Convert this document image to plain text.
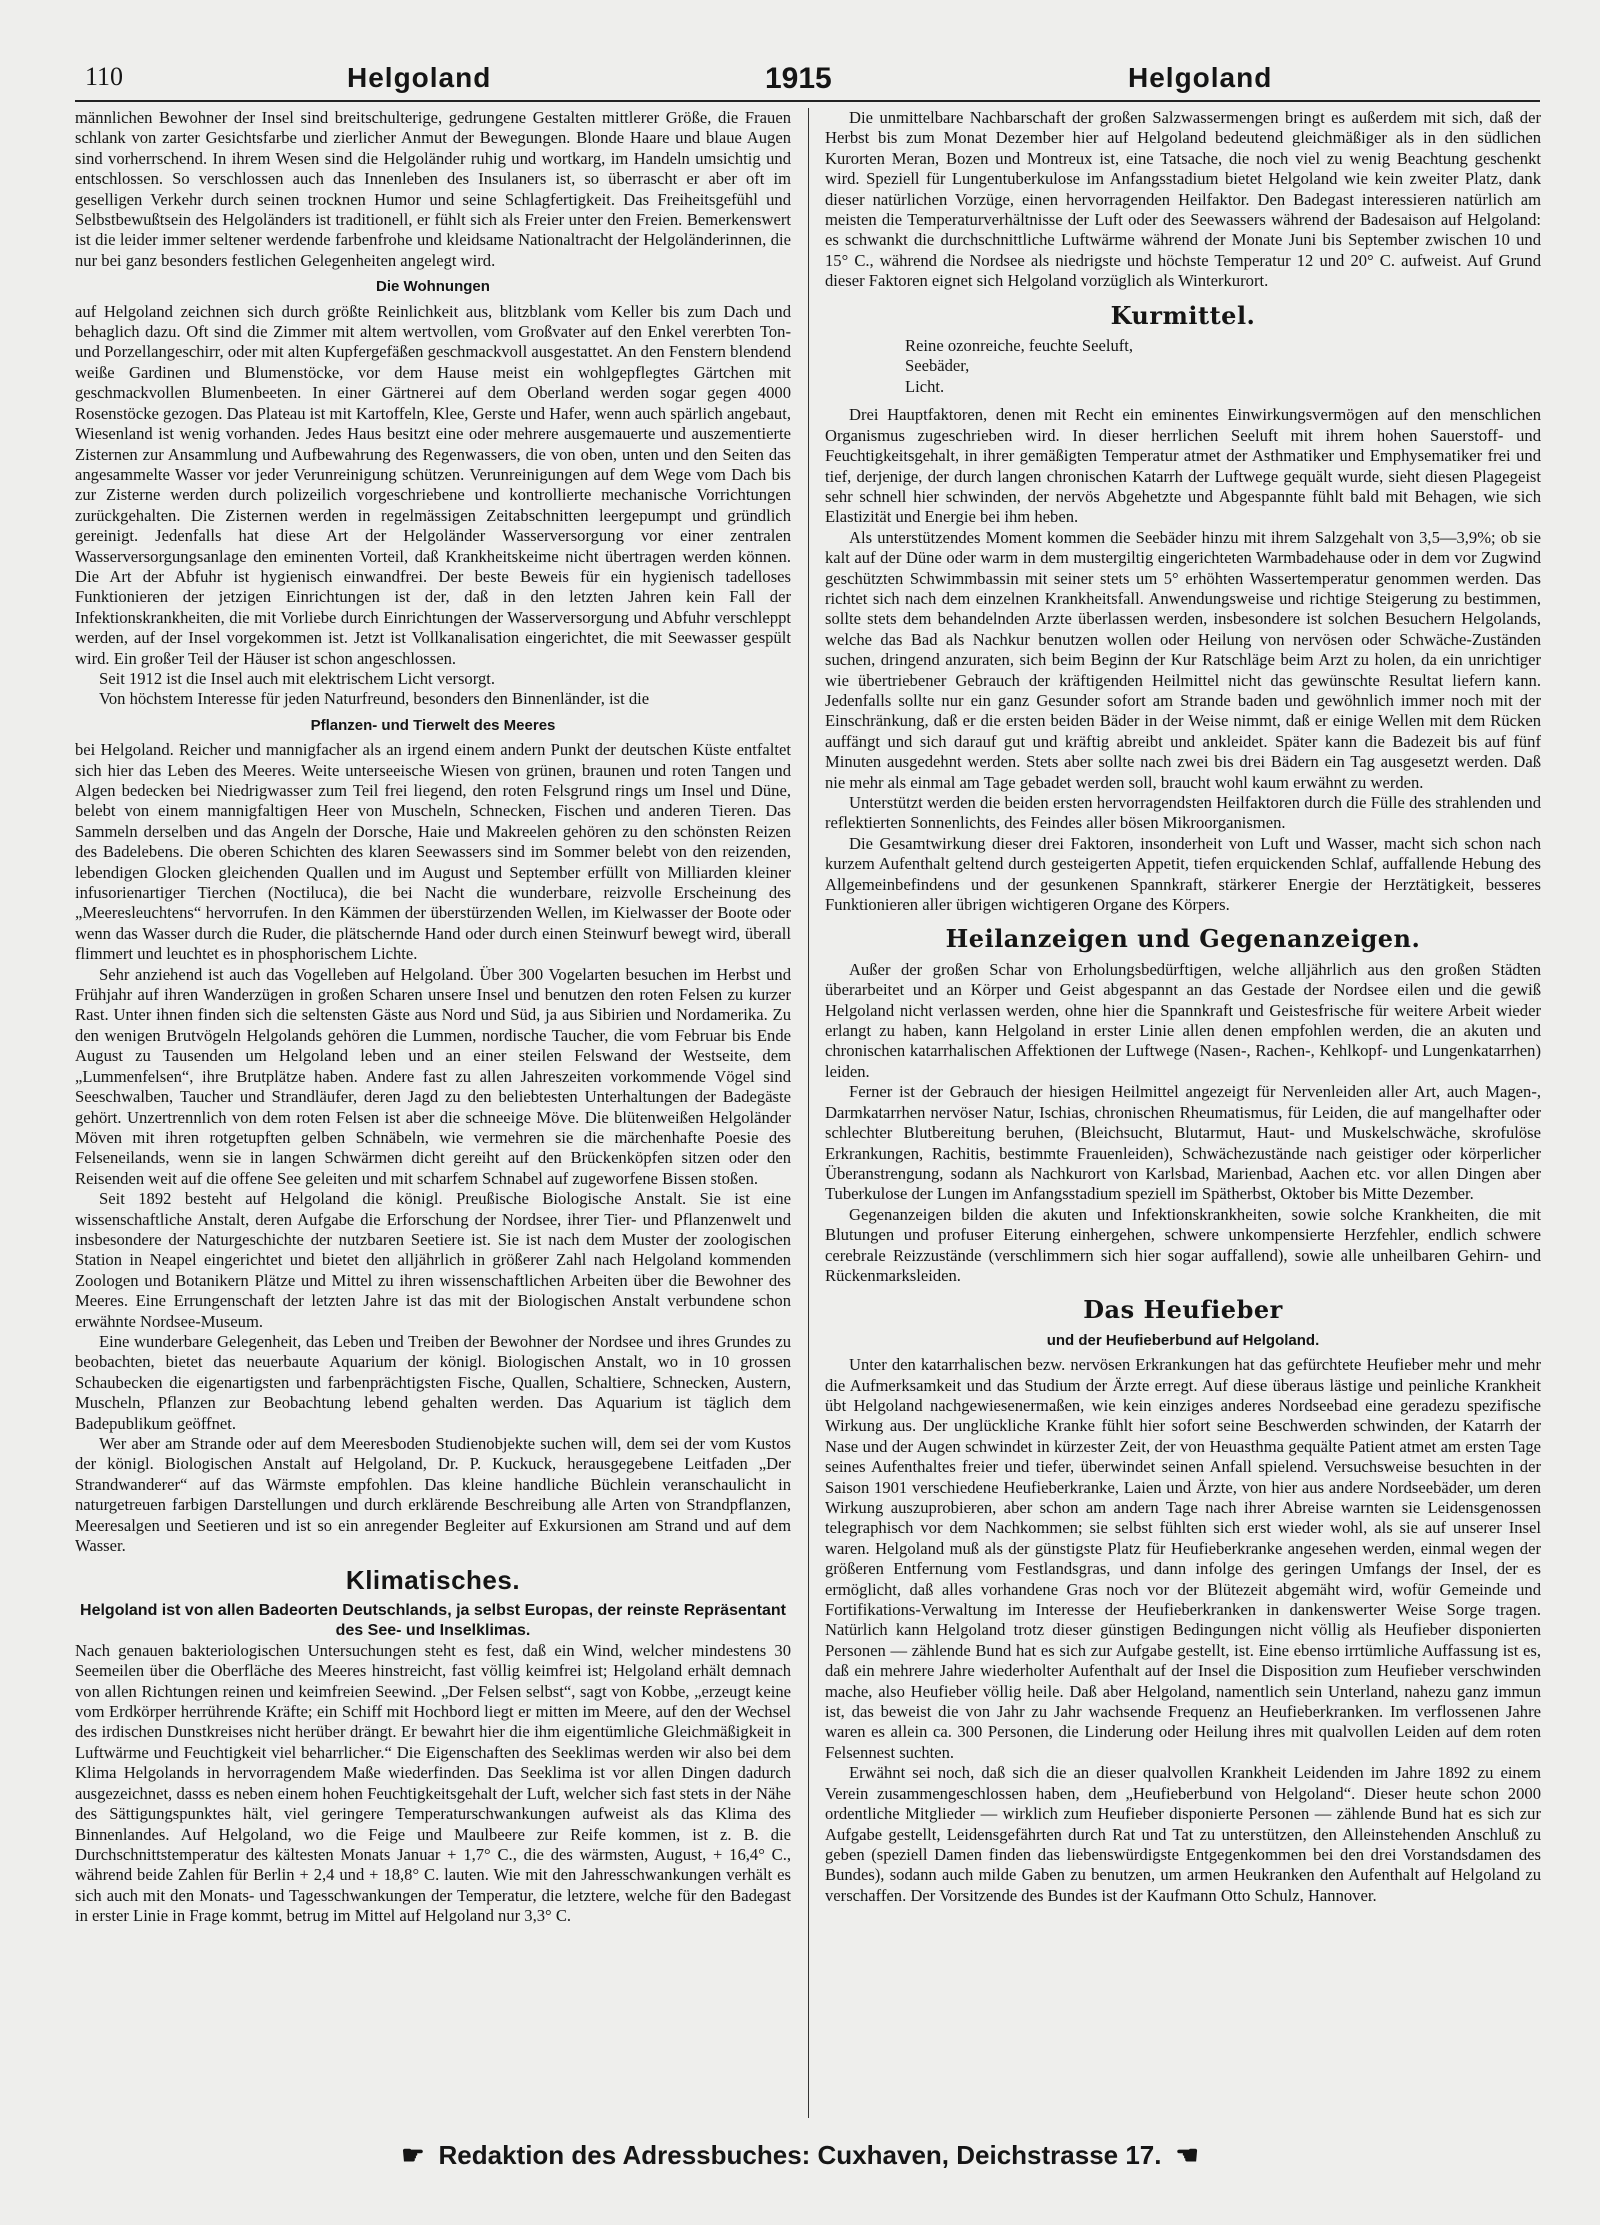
110	Helgoland	1915	Helgoland

männlichen Bewohner der Insel sind breitschulterige, gedrungene Gestalten mittlerer Größe, die Frauen schlank von zarter Gesichtsfarbe und zierlicher Anmut der Bewegungen. Blonde Haare und blaue Augen sind vorherrschend. In ihrem Wesen sind die Helgoländer ruhig und wortkarg, im Handeln umsichtig und entschlossen. So verschlossen auch das Innenleben des Insulaners ist, so überrascht er aber oft im geselligen Verkehr durch seinen trocknen Humor und seine Schlagfertigkeit. Das Freiheitsgefühl und Selbstbewußtsein des Helgoländers ist traditionell, er fühlt sich als Freier unter den Freien. Bemerkenswert ist die leider immer seltener werdende farbenfrohe und kleidsame Nationaltracht der Helgoländerinnen, die nur bei ganz besonders festlichen Gelegenheiten angelegt wird.

Die Wohnungen

auf Helgoland zeichnen sich durch größte Reinlichkeit aus, blitzblank vom Keller bis zum Dach und behaglich dazu. Oft sind die Zimmer mit altem wertvollen, vom Großvater auf den Enkel vererbten Ton- und Porzellangeschirr, oder mit alten Kupfergefäßen geschmackvoll ausgestattet. An den Fenstern blendend weiße Gardinen und Blumenstöcke, vor dem Hause meist ein wohlgepflegtes Gärtchen mit geschmackvollen Blumenbeeten. In einer Gärtnerei auf dem Oberland werden sogar gegen 4000 Rosenstöcke gezogen. Das Plateau ist mit Kartoffeln, Klee, Gerste und Hafer, wenn auch spärlich angebaut, Wiesenland ist wenig vorhanden. Jedes Haus besitzt eine oder mehrere ausgemauerte und auszementierte Zisternen zur Ansammlung und Aufbewahrung des Regenwassers, die von oben, unten und den Seiten das angesammelte Wasser vor jeder Verunreinigung schützen. Verunreinigungen auf dem Wege vom Dach bis zur Zisterne werden durch polizeilich vorgeschriebene und kontrollierte mechanische Vorrichtungen zurückgehalten. Die Zisternen werden in regelmässigen Zeitabschnitten leergepumpt und gründlich gereinigt. Jedenfalls hat diese Art der Helgoländer Wasserversorgung vor einer zentralen Wasserversorgungsanlage den eminenten Vorteil, daß Krankheitskeime nicht übertragen werden können. Die Art der Abfuhr ist hygienisch einwandfrei. Der beste Beweis für ein hygienisch tadelloses Funktionieren der jetzigen Einrichtungen ist der, daß in den letzten Jahren kein Fall der Infektionskrankheiten, die mit Vorliebe durch Einrichtungen der Wasserversorgung und Abfuhr verschleppt werden, auf der Insel vorgekommen ist. Jetzt ist Vollkanalisation eingerichtet, die mit Seewasser gespült wird. Ein großer Teil der Häuser ist schon angeschlossen.

Seit 1912 ist die Insel auch mit elektrischem Licht versorgt.

Von höchstem Interesse für jeden Naturfreund, besonders den Binnenländer, ist die

Pflanzen- und Tierwelt des Meeres

bei Helgoland. Reicher und mannigfacher als an irgend einem andern Punkt der deutschen Küste entfaltet sich hier das Leben des Meeres. Weite unterseeische Wiesen von grünen, braunen und roten Tangen und Algen bedecken bei Niedrigwasser zum Teil frei liegend, den roten Felsgrund rings um Insel und Düne, belebt von einem mannigfaltigen Heer von Muscheln, Schnecken, Fischen und anderen Tieren. Das Sammeln derselben und das Angeln der Dorsche, Haie und Makreelen gehören zu den schönsten Reizen des Badelebens. Die oberen Schichten des klaren Seewassers sind im Sommer belebt von den reizenden, lebendigen Glocken gleichenden Quallen und im August und September erfüllt von Milliarden kleiner infusorienartiger Tierchen (Noctiluca), die bei Nacht die wunderbare, reizvolle Erscheinung des „Meeresleuchtens“ hervorrufen. In den Kämmen der überstürzenden Wellen, im Kielwasser der Boote oder wenn das Wasser durch die Ruder, die plätschernde Hand oder durch einen Steinwurf bewegt wird, überall flimmert und leuchtet es in phosphorischem Lichte.

Sehr anziehend ist auch das Vogelleben auf Helgoland. Über 300 Vogelarten besuchen im Herbst und Frühjahr auf ihren Wanderzügen in großen Scharen unsere Insel und benutzen den roten Felsen zu kurzer Rast. Unter ihnen finden sich die seltensten Gäste aus Nord und Süd, ja aus Sibirien und Nordamerika. Zu den wenigen Brutvögeln Helgolands gehören die Lummen, nordische Taucher, die vom Februar bis Ende August zu Tausenden um Helgoland leben und an einer steilen Felswand der Westseite, dem „Lummenfelsen“, ihre Brutplätze haben. Andere fast zu allen Jahreszeiten vorkommende Vögel sind Seeschwalben, Taucher und Strandläufer, deren Jagd zu den beliebtesten Unterhaltungen der Badegäste gehört. Unzertrennlich von dem roten Felsen ist aber die schneeige Möve. Die blütenweißen Helgoländer Möven mit ihren rotgetupften gelben Schnäbeln, wie vermehren sie die märchenhafte Poesie des Felseneilands, wenn sie in langen Schwärmen dicht gereiht auf den Brückenköpfen sitzen oder den Reisenden weit auf die offene See geleiten und mit scharfem Schnabel auf zugeworfene Bissen stoßen.

Seit 1892 besteht auf Helgoland die königl. Preußische Biologische Anstalt. Sie ist eine wissenschaftliche Anstalt, deren Aufgabe die Erforschung der Nordsee, ihrer Tier- und Pflanzenwelt und insbesondere der Naturgeschichte der nutzbaren Seetiere ist. Sie ist nach dem Muster der zoologischen Station in Neapel eingerichtet und bietet den alljährlich in größerer Zahl nach Helgoland kommenden Zoologen und Botanikern Plätze und Mittel zu ihren wissenschaftlichen Arbeiten über die Bewohner des Meeres. Eine Errungenschaft der letzten Jahre ist das mit der Biologischen Anstalt verbundene schon erwähnte Nordsee-Museum.

Eine wunderbare Gelegenheit, das Leben und Treiben der Bewohner der Nordsee und ihres Grundes zu beobachten, bietet das neuerbaute Aquarium der königl. Biologischen Anstalt, wo in 10 grossen Schaubecken die eigenartigsten und farbenprächtigsten Fische, Quallen, Schaltiere, Schnecken, Austern, Muscheln, Pflanzen zur Beobachtung lebend gehalten werden. Das Aquarium ist täglich dem Badepublikum geöffnet.

Wer aber am Strande oder auf dem Meeresboden Studienobjekte suchen will, dem sei der vom Kustos der königl. Biologischen Anstalt auf Helgoland, Dr. P. Kuckuck, herausgegebene Leitfaden „Der Strandwanderer“ auf das Wärmste empfohlen. Das kleine handliche Büchlein veranschaulicht in naturgetreuen farbigen Darstellungen und durch erklärende Beschreibung alle Arten von Strandpflanzen, Meeresalgen und Seetieren und ist so ein anregender Begleiter auf Exkursionen am Strand und auf dem Wasser.

Klimatisches.
Helgoland ist von allen Badeorten Deutschlands, ja selbst Europas, der reinste Repräsentant des See- und Inselklimas.

Nach genauen bakteriologischen Untersuchungen steht es fest, daß ein Wind, welcher mindestens 30 Seemeilen über die Oberfläche des Meeres hinstreicht, fast völlig keimfrei ist; Helgoland erhält demnach von allen Richtungen reinen und keimfreien Seewind. „Der Felsen selbst“, sagt von Kobbe, „erzeugt keine vom Erdkörper herrührende Kräfte; ein Schiff mit Hochbord liegt er mitten im Meere, auf den der Wechsel des irdischen Dunstkreises nicht herüber drängt. Er bewahrt hier die ihm eigentümliche Gleichmäßigkeit in Luftwärme und Feuchtigkeit viel beharrlicher.“ Die Eigenschaften des Seeklimas werden wir also bei dem Klima Helgolands in hervorragendem Maße wiederfinden. Das Seeklima ist vor allen Dingen dadurch ausgezeichnet, dasss es neben einem hohen Feuchtigkeitsgehalt der Luft, welcher sich fast stets in der Nähe des Sättigungspunktes hält, viel geringere Temperaturschwankungen aufweist als das Klima des Binnenlandes. Auf Helgoland, wo die Feige und Maulbeere zur Reife kommen, ist z. B. die Durchschnittstemperatur des kältesten Monats Januar + 1,7° C., die des wärmsten, August, + 16,4° C., während beide Zahlen für Berlin + 2,4 und + 18,8° C. lauten. Wie mit den Jahresschwankungen verhält es sich auch mit den Monats- und Tagesschwankungen der Temperatur, die letztere, welche für den Badegast in erster Linie in Frage kommt, betrug im Mittel auf Helgoland nur 3,3° C.

Die unmittelbare Nachbarschaft der großen Salzwassermengen bringt es außerdem mit sich, daß der Herbst bis zum Monat Dezember hier auf Helgoland bedeutend gleichmäßiger als in den südlichen Kurorten Meran, Bozen und Montreux ist, eine Tatsache, die noch viel zu wenig Beachtung geschenkt wird. Speziell für Lungentuberkulose im Anfangsstadium bietet Helgoland wie kein zweiter Platz, dank dieser natürlichen Vorzüge, einen hervorragenden Heilfaktor. Den Badegast interessieren natürlich am meisten die Temperaturverhältnisse der Luft oder des Seewassers während der Badesaison auf Helgoland: es schwankt die durchschnittliche Luftwärme während der Monate Juni bis September zwischen 10 und 15° C., während die Nordsee als niedrigste und höchste Temperatur 12 und 20° C. aufweist. Auf Grund dieser Faktoren eignet sich Helgoland vorzüglich als Winterkurort.

Kurmittel.
Reine ozonreiche, feuchte Seeluft,
Seebäder,
Licht.

Drei Hauptfaktoren, denen mit Recht ein eminentes Einwirkungsvermögen auf den menschlichen Organismus zugeschrieben wird. In dieser herrlichen Seeluft mit ihrem hohen Sauerstoff- und Feuchtigkeitsgehalt, in ihrer gemäßigten Temperatur atmet der Asthmatiker und Emphysematiker frei und tief, derjenige, der durch langen chronischen Katarrh der Luftwege gequält wurde, sieht diesen Plagegeist sehr schnell hier schwinden, der nervös Abgehetzte und Abgespannte fühlt bald mit Behagen, wie sich Elastizität und Energie bei ihm heben.

Als unterstützendes Moment kommen die Seebäder hinzu mit ihrem Salzgehalt von 3,5—3,9%; ob sie kalt auf der Düne oder warm in dem mustergiltig eingerichteten Warmbadehause oder in dem vor Zugwind geschützten Schwimmbassin mit seiner stets um 5° erhöhten Wassertemperatur genommen werden. Das richtet sich nach dem einzelnen Krankheitsfall. Anwendungsweise und richtige Steigerung zu bestimmen, sollte stets dem behandelnden Arzte überlassen werden, insbesondere ist solchen Besuchern Helgolands, welche das Bad als Nachkur benutzen wollen oder Heilung von nervösen oder Schwäche-Zuständen suchen, dringend anzuraten, sich beim Beginn der Kur Ratschläge beim Arzt zu holen, da ein unrichtiger wie übertriebener Gebrauch der kräftigenden Heilmittel nicht das gewünschte Resultat liefern kann. Jedenfalls sollte nur ein ganz Gesunder sofort am Strande baden und gewöhnlich immer noch mit der Einschränkung, daß er die ersten beiden Bäder in der Weise nimmt, daß er einige Wellen mit dem Rücken auffängt und sich darauf gut und kräftig abreibt und ankleidet. Später kann die Badezeit bis auf fünf Minuten ausgedehnt werden. Stets aber sollte nach zwei bis drei Bädern ein Tag ausgesetzt werden. Daß nie mehr als einmal am Tage gebadet werden soll, braucht wohl kaum erwähnt zu werden.

Unterstützt werden die beiden ersten hervorragendsten Heilfaktoren durch die Fülle des strahlenden und reflektierten Sonnenlichts, des Feindes aller bösen Mikroorganismen.

Die Gesamtwirkung dieser drei Faktoren, insonderheit von Luft und Wasser, macht sich schon nach kurzem Aufenthalt geltend durch gesteigerten Appetit, tiefen erquickenden Schlaf, auffallende Hebung des Allgemeinbefindens und der gesunkenen Spannkraft, stärkerer Energie der Herztätigkeit, besseres Funktionieren aller übrigen wichtigeren Organe des Körpers.

Heilanzeigen und Gegenanzeigen.

Außer der großen Schar von Erholungsbedürftigen, welche alljährlich aus den großen Städten überarbeitet und an Körper und Geist abgespannt an das Gestade der Nordsee eilen und die gewiß Helgoland nicht verlassen werden, ohne hier die Spannkraft und Geistesfrische für weitere Arbeit wieder erlangt zu haben, kann Helgoland in erster Linie allen denen empfohlen werden, die an akuten und chronischen katarrhalischen Affektionen der Luftwege (Nasen-, Rachen-, Kehlkopf- und Lungenkatarrhen) leiden.

Ferner ist der Gebrauch der hiesigen Heilmittel angezeigt für Nervenleiden aller Art, auch Magen-, Darmkatarrhen nervöser Natur, Ischias, chronischen Rheumatismus, für Leiden, die auf mangelhafter oder schlechter Blutbereitung beruhen, (Bleichsucht, Blutarmut, Haut- und Muskelschwäche, skrofulöse Erkrankungen, Rachitis, bestimmte Frauenleiden), Schwächezustände nach geistiger oder körperlicher Überanstrengung, sodann als Nachkurort von Karlsbad, Marienbad, Aachen etc. vor allen Dingen aber Tuberkulose der Lungen im Anfangsstadium speziell im Spätherbst, Oktober bis Mitte Dezember.

Gegenanzeigen bilden die akuten und Infektionskrankheiten, sowie solche Krankheiten, die mit Blutungen und profuser Eiterung einhergehen, schwere unkompensierte Herzfehler, endlich schwere cerebrale Reizzustände (verschlimmern sich hier sogar auffallend), sowie alle unheilbaren Gehirn- und Rückenmarksleiden.

Das Heufieber
und der Heufieberbund auf Helgoland.

Unter den katarrhalischen bezw. nervösen Erkrankungen hat das gefürchtete Heufieber mehr und mehr die Aufmerksamkeit und das Studium der Ärzte erregt. Auf diese überaus lästige und peinliche Krankheit übt Helgoland nachgewiesenermaßen, wie kein einziges anderes Nordseebad eine geradezu spezifische Wirkung aus. Der unglückliche Kranke fühlt hier sofort seine Beschwerden schwinden, der Katarrh der Nase und der Augen schwindet in kürzester Zeit, der von Heuasthma gequälte Patient atmet am ersten Tage seines Aufenthaltes freier und tiefer, überwindet seinen Anfall spielend. Versuchsweise besuchten in der Saison 1901 verschiedene Heufieberkranke, Laien und Ärzte, von hier aus andere Nordseebäder, um deren Wirkung auszuprobieren, aber schon am andern Tage nach ihrer Abreise warnten sie Leidensgenossen telegraphisch vor dem Nachkommen; sie selbst fühlten sich erst wieder wohl, als sie auf unserer Insel waren. Helgoland muß als der günstigste Platz für Heufieberkranke angesehen werden, einmal wegen der größeren Entfernung vom Festlandsgras, und dann infolge des geringen Umfangs der Insel, der es ermöglicht, daß alles vorhandene Gras noch vor der Blütezeit abgemäht wird, wofür Gemeinde und Fortifikations-Verwaltung im Interesse der Heufieberkranken in dankenswerter Weise Sorge tragen. Natürlich kann Helgoland trotz dieser günstigen Bedingungen nicht völlig als Heufieber disponierten Personen — zählende Bund hat es sich zur Aufgabe gestellt, ist. Eine ebenso irrtümliche Auffassung ist es, daß ein mehrere Jahre wiederholter Aufenthalt auf der Insel die Disposition zum Heufieber verschwinden mache, also Heufieber völlig heile. Daß aber Helgoland, namentlich sein Unterland, nahezu ganz immun ist, das beweist die von Jahr zu Jahr wachsende Frequenz an Heufieberkranken. Im verflossenen Jahre waren es allein ca. 300 Personen, die Linderung oder Heilung ihres mit qualvollen Leiden auf dem roten Felsennest suchten.

Erwähnt sei noch, daß sich die an dieser qualvollen Krankheit Leidenden im Jahre 1892 zu einem Verein zusammengeschlossen haben, dem „Heufieberbund von Helgoland“. Dieser heute schon 2000 ordentliche Mitglieder — wirklich zum Heufieber disponierte Personen — zählende Bund hat es sich zur Aufgabe gestellt, Leidensgefährten durch Rat und Tat zu unterstützen, den Alleinstehenden Anschluß zu geben (speziell Damen finden das liebenswürdigste Entgegenkommen bei den drei Vorstandsdamen des Bundes), sodann auch milde Gaben zu benutzen, um armen Heukranken den Aufenthalt auf Helgoland zu verschaffen. Der Vorsitzende des Bundes ist der Kaufmann Otto Schulz, Hannover.

☛ Redaktion des Adressbuches: Cuxhaven, Deichstrasse 17. ☚
